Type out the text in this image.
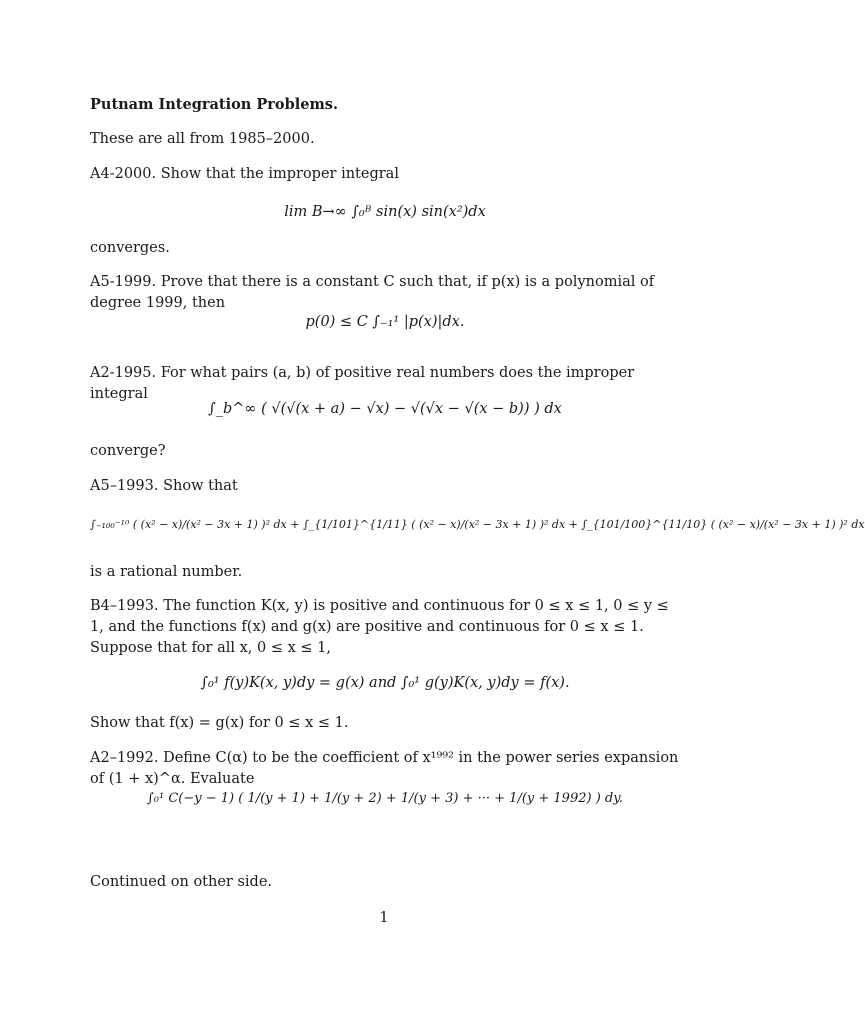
Putnam Integration Problems.

These are all from 1985–2000.

A4-2000. Show that the improper integral

lim B→∞ ∫₀ᴮ sin(x) sin(x²)dx

converges.

A5-1999. Prove that there is a constant C such that, if p(x) is a polynomial of degree 1999, then

p(0) ≤ C ∫₋₁¹ |p(x)|dx.

A2-1995. For what pairs (a, b) of positive real numbers does the improper integral

∫_b^∞ ( √(√(x + a) − √x) − √(√x − √(x − b)) ) dx

converge?

A5–1993. Show that

∫₋₁₀₀⁻¹⁰ ( (x² − x)/(x² − 3x + 1) )² dx + ∫_{1/101}^{1/11} ( (x² − x)/(x² − 3x + 1) )² dx + ∫_{101/100}^{11/10} ( (x² − x)/(x² − 3x + 1) )² dx

is a rational number.

B4–1993. The function K(x, y) is positive and continuous for 0 ≤ x ≤ 1, 0 ≤ y ≤ 1, and the functions f(x) and g(x) are positive and continuous for 0 ≤ x ≤ 1. Suppose that for all x, 0 ≤ x ≤ 1,

∫₀¹ f(y)K(x, y)dy = g(x) and ∫₀¹ g(y)K(x, y)dy = f(x).

Show that f(x) = g(x) for 0 ≤ x ≤ 1.

A2–1992. Define C(α) to be the coefficient of x¹⁹⁹² in the power series expansion of (1 + x)^α. Evaluate

∫₀¹ C(−y − 1) ( 1/(y + 1) + 1/(y + 2) + 1/(y + 3) + ··· + 1/(y + 1992) ) dy.

Continued on other side.

1
